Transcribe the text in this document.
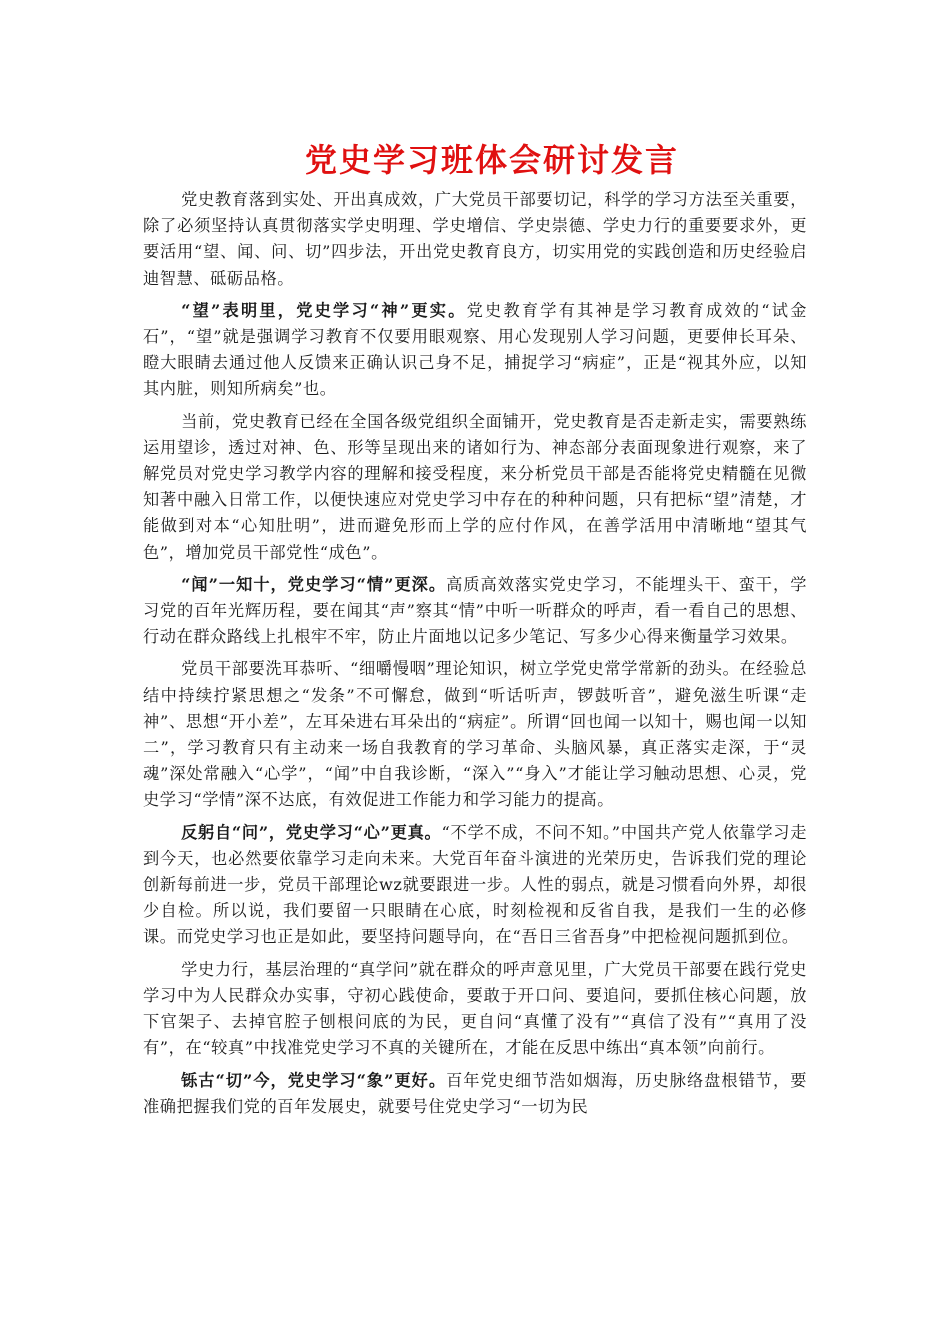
党史学习班体会研讨发言

党史教育落到实处、开出真成效，广大党员干部要切记，科学的学习方法至关重要，除了必须坚持认真贯彻落实学史明理、学史增信、学史崇德、学史力行的重要要求外，更要活用“望、闻、问、切”四步法，开出党史教育良方，切实用党的实践创造和历史经验启迪智慧、砥砺品格。

“望”表明里，党史学习“神”更实。党史教育学有其神是学习教育成效的“试金石”，“望”就是强调学习教育不仅要用眼观察、用心发现别人学习问题，更要伸长耳朵、瞪大眼睛去通过他人反馈来正确认识己身不足，捕捉学习“病症”，正是“视其外应，以知其内脏，则知所病矣”也。

当前，党史教育已经在全国各级党组织全面铺开，党史教育是否走新走实，需要熟练运用望诊，透过对神、色、形等呈现出来的诸如行为、神态部分表面现象进行观察，来了解党员对党史学习教学内容的理解和接受程度，来分析党员干部是否能将党史精髓在见微知著中融入日常工作，以便快速应对党史学习中存在的种种问题，只有把标“望”清楚，才能做到对本“心知肚明”，进而避免形而上学的应付作风，在善学活用中清晰地“望其气色”，增加党员干部党性“成色”。

“闻”一知十，党史学习“情”更深。高质高效落实党史学习，不能埋头干、蛮干，学习党的百年光辉历程，要在闻其“声”察其“情”中听一听群众的呼声，看一看自己的思想、行动在群众路线上扎根牢不牢，防止片面地以记多少笔记、写多少心得来衡量学习效果。

党员干部要洗耳恭听、“细嚼慢咽”理论知识，树立学党史常学常新的劲头。在经验总结中持续拧紧思想之“发条”不可懈怠，做到“听话听声，锣鼓听音”，避免滋生听课“走神”、思想“开小差”，左耳朵进右耳朵出的“病症”。所谓“回也闻一以知十，赐也闻一以知二”，学习教育只有主动来一场自我教育的学习革命、头脑风暴，真正落实走深，于“灵魂”深处常融入“心学”，“闻”中自我诊断，“深入”“身入”才能让学习触动思想、心灵，党史学习“学情”深不达底，有效促进工作能力和学习能力的提高。

反躬自“问”，党史学习“心”更真。“不学不成，不问不知。”中国共产党人依靠学习走到今天，也必然要依靠学习走向未来。大党百年奋斗演进的光荣历史，告诉我们党的理论创新每前进一步，党员干部理论wz就要跟进一步。人性的弱点，就是习惯看向外界，却很少自检。所以说，我们要留一只眼睛在心底，时刻检视和反省自我，是我们一生的必修课。而党史学习也正是如此，要坚持问题导向，在“吾日三省吾身”中把检视问题抓到位。

学史力行，基层治理的“真学问”就在群众的呼声意见里，广大党员干部要在践行党史学习中为人民群众办实事，守初心践使命，要敢于开口问、要追问，要抓住核心问题，放下官架子、去掉官腔子刨根问底的为民，更自问“真懂了没有”“真信了没有”“真用了没有”，在“较真”中找准党史学习不真的关键所在，才能在反思中练出“真本领”向前行。

铄古“切”今，党史学习“象”更好。百年党史细节浩如烟海，历史脉络盘根错节，要准确把握我们党的百年发展史，就要号住党史学习“一切为民
